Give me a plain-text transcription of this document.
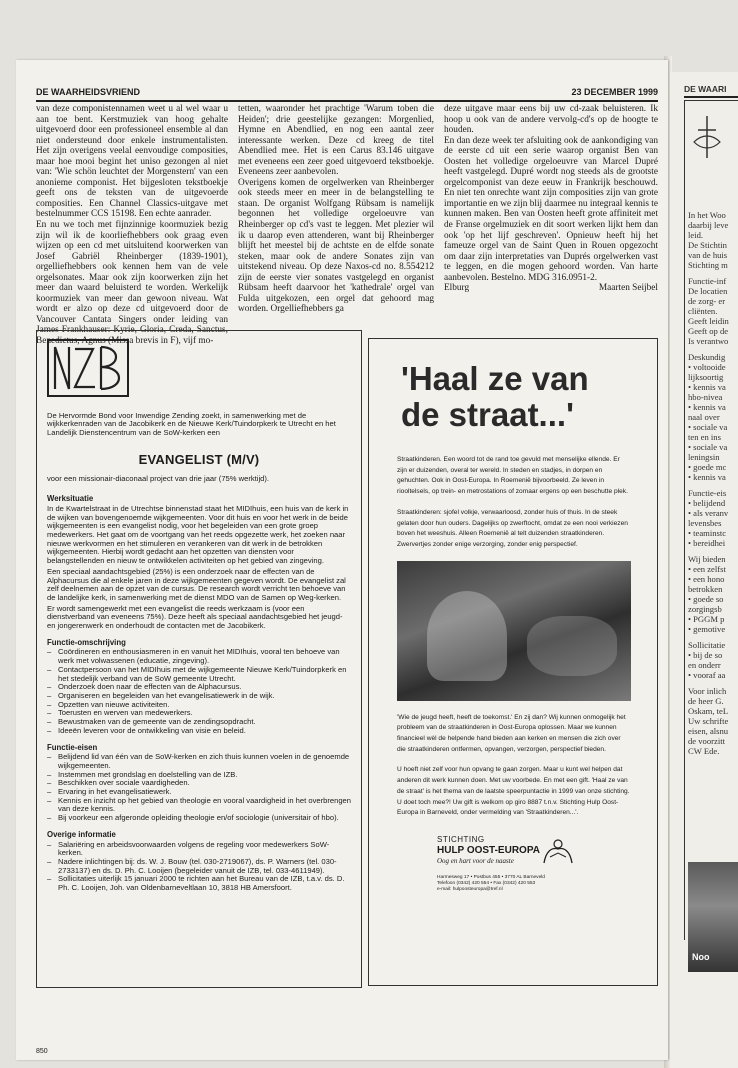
DE WAARHEIDSVRIEND	23 DECEMBER 1999

van deze componistennamen weet u al wel waar u aan toe bent. Kerstmuziek van hoog gehalte uitgevoerd door een professioneel ensemble al dan niet ondersteund door enkele instrumentalisten. Het zijn overigens veelal eenvoudige composities, maar hoe mooi begint het uniso gezongen al niet van: 'Wie schön leuchtet der Morgenstern' van een anonieme componist. Het bijgesloten tekstboekje geeft ons de teksten van de uitgevoerde composities. Een Channel Classics-uitgave met bestelnummer CCS 15198. Een echte aanrader.

En nu we toch met fijnzinnige koormuziek bezig zijn wil ik de koorliefhebbers ook graag even wijzen op een cd met uitsluitend koorwerken van Josef Gabriël Rheinberger (1839-1901), orgelliefhebbers ook kennen hem van de vele orgelsonates. Maar ook zijn koorwerken zijn het meer dan waard beluisterd te worden. Werkelijk koormuziek van meer dan gewoon niveau. Wat wordt er alzo op deze cd uitgevoerd door de Vancouver Cantata Singers onder leiding van James Frankhauser: Kyrie, Gloria, Creda, Sanctus, Benedictus, Agnus (Missa brevis in F), vijf mo-

tetten, waaronder het prachtige 'Warum toben die Heiden'; drie geestelijke gezangen: Morgenlied, Hymne en Abendlied, en nog een aantal zeer interessante werken. Deze cd kreeg de titel Abendlied mee. Het is een Carus 83.146 uitgave met eveneens een zeer goed uitgevoerd tekstboekje. Eveneens zeer aanbevolen.

Overigens komen de orgelwerken van Rheinberger ook steeds meer en meer in de belangstelling te staan. De organist Wolfgang Rübsam is namelijk begonnen het volledige orgeloeuvre van Rheinberger op cd's vast te leggen. Met plezier wil ik u daarop even attenderen, want bij Rheinberger blijft het meestel bij de achtste en de elfde sonate steken, maar ook de andere Sonates zijn van uitstekend niveau. Op deze Naxos-cd no. 8.554212 zijn de eerste vier sonates vastgelegd en organist Rübsam heeft daarvoor het 'kathedrale' orgel van Fulda uitgekozen, een orgel dat gehoord mag worden. Orgelliefhebbers ga

deze uitgave maar eens bij uw cd-zaak beluisteren. Ik hoop u ook van de andere vervolg-cd's op de hoogte te houden.

En dan deze week ter afsluiting ook de aankondiging van de eerste cd uit een serie waarop organist Ben van Oosten het volledige orgeloeuvre van Marcel Dupré heeft vastgelegd. Dupré wordt nog steeds als de grootste orgelcomponist van deze eeuw in Frankrijk beschouwd. En niet ten onrechte want zijn composities zijn van grote importantie en we zijn blij daarmee nu integraal kennis te kunnen maken. Ben van Oosten heeft grote affiniteit met de Franse orgelmuziek en dit soort werken lijkt hem dan ook 'op het lijf geschreven'. Opnieuw heeft hij het fameuze orgel van de Saint Quen in Rouen opgezocht om daar zijn interpretaties van Duprés orgelwerken vast te leggen, en die mogen gehoord worden. Van harte aanbevolen. Bestelno. MDG 316.0951-2.

Elburg	Maarten Seijbel

De Hervormde Bond voor Inwendige Zending zoekt, in samenwerking met de wijkkerkenraden van de Jacobikerk en de Nieuwe Kerk/Tuindorpkerk te Utrecht en het Landelijk Dienstencentrum van de SoW-kerken een

EVANGELIST (M/V)

voor een missionair-diaconaal project van drie jaar (75% werktijd).

Werksituatie

In de Kwartelstraat in de Utrechtse binnenstad staat het MIDIhuis, een huis van de kerk in de wijken van bovengenoemde wijkgemeenten. Voor dit huis en voor het werk in de beide wijkgemeenten is een evangelist nodig, voor het begeleiden van een grote groep medewerkers. Het gaat om de voortgang van het reeds opgezette werk, het zoeken naar nieuwe werkvormen en het stimuleren en verankeren van dit werk in de betrokken wijkgemeenten. Hierbij wordt gedacht aan het opzetten van diensten voor belangstellenden en nieuw te ontwikkelen activiteiten op het gebied van zingeving.

Een speciaal aandachtsgebied (25%) is een onderzoek naar de effecten van de Alphacursus die al enkele jaren in deze wijkgemeenten gegeven wordt. De evangelist zal zelf deelnemen aan de opzet van de cursus. De research wordt verricht ten behoeve van de landelijke kerk, in samenwerking met de dienst MDO van de Samen op Weg-kerken.

Er wordt samengewerkt met een evangelist die reeds werkzaam is (voor een dienstverband van eveneens 75%). Deze heeft als speciaal aandachtsgebied het jeugd- en jongerenwerk en onderhoudt de contacten met de Jacobikerk.

Functie-omschrijving
– Coördineren en enthousiasmeren in en vanuit het MIDIhuis, vooral ten behoeve van werk met volwassenen (educatie, zingeving).
– Contactpersoon van het MIDIhuis met de wijkgemeente Nieuwe Kerk/Tuindorpkerk en het stedelijk verband van de SoW gemeente Utrecht.
– Onderzoek doen naar de effecten van de Alphacursus.
– Organiseren en begeleiden van het evangelisatiewerk in de wijk.
– Opzetten van nieuwe activiteiten.
– Toerusten en werven van medewerkers.
– Bewustmaken van de gemeente van de zendingsopdracht.
– Ideeën leveren voor de ontwikkeling van visie en beleid.
Functie-eisen
– Belijdend lid van één van de SoW-kerken en zich thuis kunnen voelen in de genoemde wijkgemeenten.
– Instemmen met grondslag en doelstelling van de IZB.
– Beschikken over sociale vaardigheden.
– Ervaring in het evangelisatiewerk.
– Kennis en inzicht op het gebied van theologie en vooral vaardigheid in het overbrengen van deze kennis.
– Bij voorkeur een afgeronde opleiding theologie en/of sociologie (universitair of hbo).
Overige informatie
– Salariëring en arbeidsvoorwaarden volgens de regeling voor medewerkers SoW-kerken.
– Nadere inlichtingen bij: ds. W. J. Bouw (tel. 030-2719067), ds. P. Warners (tel. 030-2733137) en ds. D. Ph. C. Looijen (begeleider vanuit de IZB, tel. 033-4611949).
– Sollicitaties uiterlijk 15 januari 2000 te richten aan het Bureau van de IZB, t.a.v. ds. D. Ph. C. Looijen, Joh. van Oldenbarneveltlaan 10, 3818 HB Amersfoort.
'Haal ze van de straat...'

Straatkinderen. Een woord tot de rand toe gevuld met menselijke ellende. Er zijn er duizenden, overal ter wereld. In steden en stadjes, in dorpen en gehuchten. Ook in Oost-Europa. In Roemenië bijvoorbeeld. Ze leven in riooltelsels, op trein- en metrostations of zomaar ergens op een beschutte plek.

Straatkinderen: sjofel volkje, verwaarloosd, zonder huis of thuis. In de steek gelaten door hun ouders. Dagelijks op zwerftocht, omdat ze een nooi verkiezen boven het weeshuis. Alleen Roemenië al telt duizenden straatkinderen. Zwervertjes zonder enige verzorging, zonder enig perspectief.

'Wie de jeugd heeft, heeft de toekomst.' En zij dan? Wij kunnen onmogelijk het probleem van de straatkinderen in Oost-Europa oplossen. Maar we kunnen financieel wèl de helpende hand bieden aan kerken en mensen die zich over die straatkinderen ontfermen, opvangen, verzorgen, perspectief bieden.

U hoeft niet zelf voor hun opvang te gaan zorgen. Maar u kunt wel helpen dat anderen dit werk kunnen doen. Met uw voorbede. En met een gift. 'Haal ze van de straat' is het thema van de laatste speerpuntactie in 1999 van onze stichting. U doet toch mee?! Uw gift is welkom op giro 8887 t.n.v. Stichting Hulp Oost-Europa in Barneveld, onder vermelding van 'Straatkinderen...'.

STICHTING
HULP OOST-EUROPA
Oog en hart voor de naaste
Harmesweg 17 • Postbus 455 • 3770 AL Barneveld
Telefoon (0342) 420 554 • Fax (0342) 420 553
e-mail: hulpoosteuropa@tref.nl
850
DE WAARI
In het Woo
daarbij leve
leid.
De Stichtin
van de huis
Stichting m
Functie-inf
De locatien
de zorg- er
cliënten.
Geeft leidin
Geeft op de
Is verantwo
Deskundig
• voltooide
lijksoortig
• kennis va
hbo-nivea
• kennis va
naal over
• sociale va
ten en ins
• sociale va
leningsin
• goede mc
• kennis va
Functie-eis
• belijdend
• als veranv
levensbes
• teaminstc
• bereidhei
Wij bieden
• een zelfst
• een hono
betrokken
• goede so
zorgingsb
• PGGM p
• gemotive
Sollicitatie
• bij de so
en onderr
• vooraf aa
Voor inlich
de heer G.
Oskam, teL
Uw schrifte
eisen, alsnu
de voorzitt
CW Ede.
Noo
